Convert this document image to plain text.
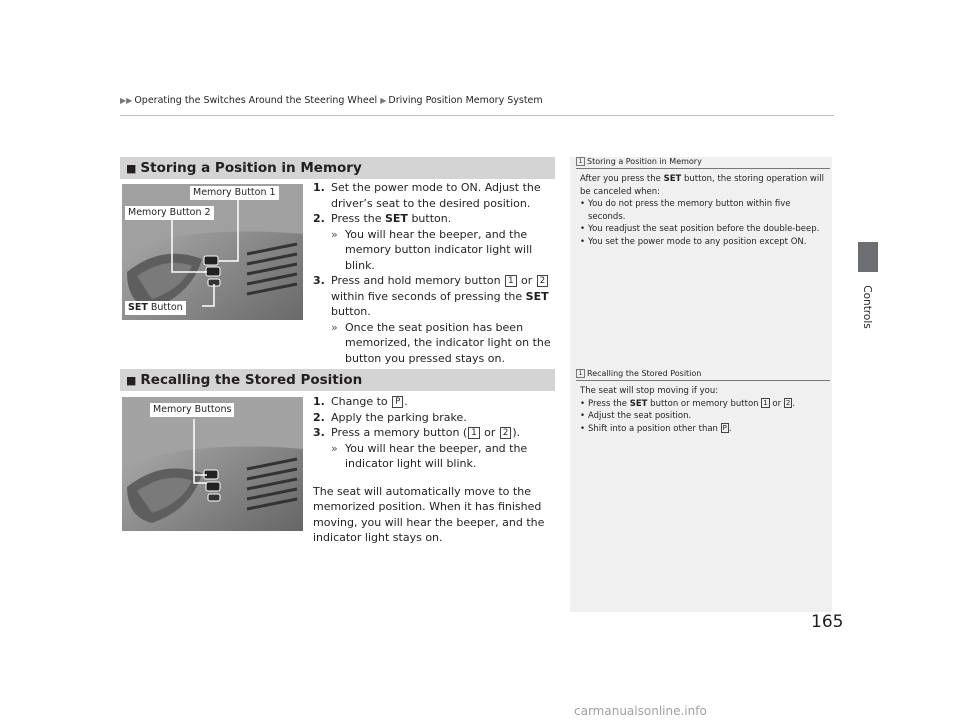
▶▶ Operating the Switches Around the Steering Wheel ▶ Driving Position Memory System
Controls
■ Storing a Position in Memory
Memory Button 1
Memory Button 2
SET Button
1. Set the power mode to ON. Adjust the driver’s seat to the desired position.
2. Press the SET button.
» You will hear the beeper, and the memory button indicator light will blink.
3. Press and hold memory button 1 or 2 within five seconds of pressing the SET button.
» Once the seat position has been memorized, the indicator light on the button you pressed stays on.
1 Storing a Position in Memory
After you press the SET button, the storing operation will be canceled when:
• You do not press the memory button within five seconds.
• You readjust the seat position before the double-beep.
• You set the power mode to any position except ON.
■ Recalling the Stored Position
Memory Buttons
1. Change to P .
2. Apply the parking brake.
3. Press a memory button ( 1 or 2 ).
» You will hear the beeper, and the indicator light will blink.
The seat will automatically move to the memorized position. When it has finished moving, you will hear the beeper, and the indicator light stays on.
1 Recalling the Stored Position
The seat will stop moving if you:
• Press the SET button or memory button 1 or 2 .
• Adjust the seat position.
• Shift into a position other than P .
165
carmanualsonline.info
